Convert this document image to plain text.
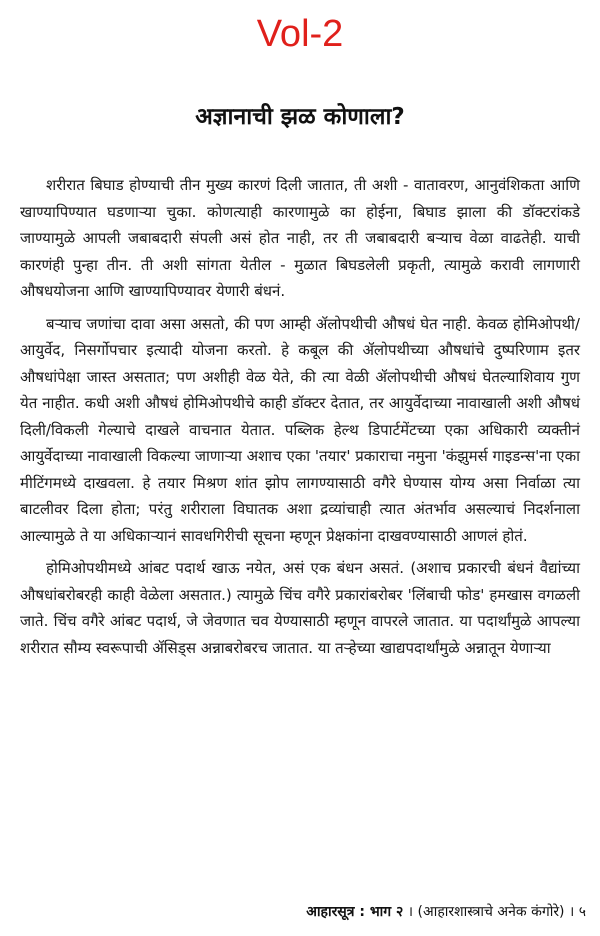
Vol-2
अज्ञानाची झळ कोणाला?

शरीरात बिघाड होण्याची तीन मुख्य कारणं दिली जातात, ती अशी - वातावरण, आनुवंशिकता आणि खाण्यापिण्यात घडणाऱ्या चुका. कोणत्याही कारणामुळे का होईना, बिघाड झाला की डॉक्टरांकडे जाण्यामुळे आपली जबाबदारी संपली असं होत नाही, तर ती जबाबदारी बऱ्याच वेळा वाढतेही. याची कारणंही पुन्हा तीन. ती अशी सांगता येतील - मुळात बिघडलेली प्रकृती, त्यामुळे करावी लागणारी औषधयोजना आणि खाण्यापिण्यावर येणारी बंधनं.

बऱ्याच जणांचा दावा असा असतो, की पण आम्ही ॲलोपथीची औषधं घेत नाही. केवळ होमिओपथी/आयुर्वेद, निसर्गोपचार इत्यादी योजना करतो. हे कबूल की ॲलोपथीच्या औषधांचे दुष्परिणाम इतर औषधांपेक्षा जास्त असतात; पण अशीही वेळ येते, की त्या वेळी ॲलोपथीची औषधं घेतल्याशिवाय गुण येत नाहीत. कधी अशी औषधं होमिओपथीचे काही डॉक्टर देतात, तर आयुर्वेदाच्या नावाखाली अशी औषधं दिली/विकली गेल्याचे दाखले वाचनात येतात. पब्लिक हेल्थ डिपार्टमेंटच्या एका अधिकारी व्यक्तीनं आयुर्वेदाच्या नावाखाली विकल्या जाणाऱ्या अशाच एका 'तयार' प्रकाराचा नमुना 'कंझुमर्स गाइडन्स'ना एका मीटिंगमध्ये दाखवला. हे तयार मिश्रण शांत झोप लागण्यासाठी वगैरे घेण्यास योग्य असा निर्वाळा त्या बाटलीवर दिला होता; परंतु शरीराला विघातक अशा द्रव्यांचाही त्यात अंतर्भाव असल्याचं निदर्शनाला आल्यामुळे ते या अधिकाऱ्यानं सावधगिरीची सूचना म्हणून प्रेक्षकांना दाखवण्यासाठी आणलं होतं.

होमिओपथीमध्ये आंबट पदार्थ खाऊ नयेत, असं एक बंधन असतं. (अशाच प्रकारची बंधनं वैद्यांच्या औषधांबरोबरही काही वेळेला असतात.) त्यामुळे चिंच वगैरे प्रकारांबरोबर 'लिंबाची फोड' हमखास वगळली जाते. चिंच वगैरे आंबट पदार्थ, जे जेवणात चव येण्यासाठी म्हणून वापरले जातात. या पदार्थांमुळे आपल्या शरीरात सौम्य स्वरूपाची ॲसिड्स अन्नाबरोबरच जातात. या तऱ्हेच्या खाद्यपदार्थांमुळे अन्नातून येणाऱ्या

आहारसूत्र : भाग २ । (आहारशास्त्राचे अनेक कंगोरे) । ५
